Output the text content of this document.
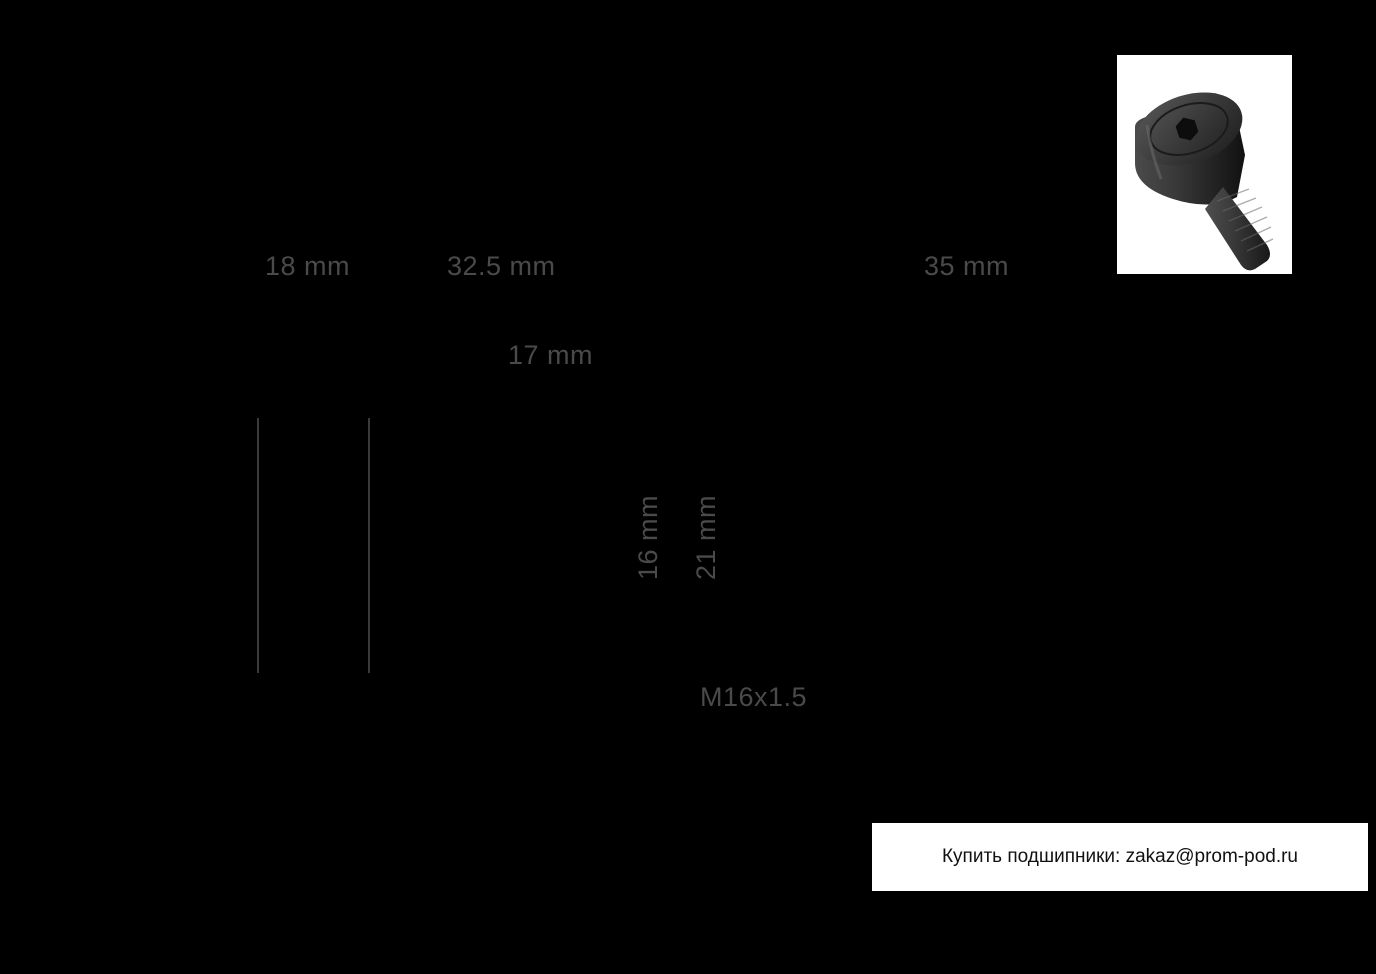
18 mm	32.5 mm	35 mm
17 mm
16 mm 21 mm
M16x1.5
Купить подшипники: zakaz@prom-pod.ru
